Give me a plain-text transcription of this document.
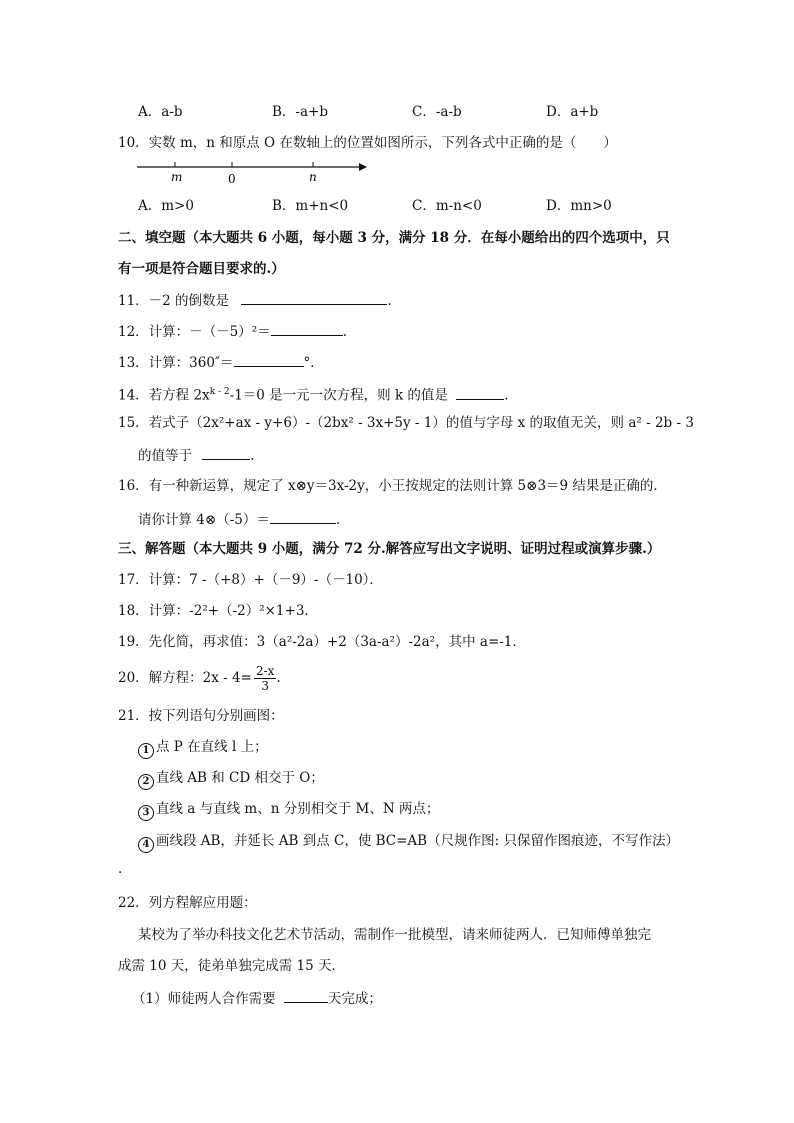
A．a-b	B．-a+b	C．-a-b	D．a+b
10．实数 m，n 和原点 O 在数轴上的位置如图所示，下列各式中正确的是（　　）
m	0	n
A．m>0	B．m+n<0	C．m-n<0	D．mn>0
二、填空题（本大题共 6 小题，每小题 3 分，满分 18 分．在每小题给出的四个选项中，只
有一项是符合题目要求的.）
11．－2 的倒数是	.
12．计算：－（－5）²＝	.
13．计算：360″＝	°．
14．若方程 $2x^{k - 2}-1=0$ 是一元一次方程，则 k 的值是	.
15．若式子（2x²+ax - y+6）-（2bx² - 3x+5y - 1）的值与字母 x 的取值无关，则 a² - 2b - 3
的值等于	.
16．有一种新运算，规定了 x⊗y＝3x-2y，小王按规定的法则计算 5⊗3＝9 结果是正确的．
请你计算 4⊗（-5）＝	.
三、解答题（本大题共 9 小题，满分 72 分.解答应写出文字说明、证明过程或演算步骤.）
17．计算：7 -（+8）+（－9）-（－10）．
18．计算：-2²+（-2）²×1+3．
19．先化简，再求值：3（a²-2a）+2（3a-a²）-2a²，其中 a=-1．
20．解方程：$2x - 4= \frac{2-x}{3}$ .
21．按下列语句分别画图：
1 点 P 在直线 l 上；
2 直线 AB 和 CD 相交于 O；
3 直线 a 与直线 m、n 分别相交于 M、N 两点；
4 画线段 AB，并延长 AB 到点 C，使 BC=AB（尺规作图: 只保留作图痕迹，不写作法）
.
22．列方程解应用题：
某校为了举办科技文化艺术节活动，需制作一批模型，请来师徒两人．已知师傅单独完
成需 10 天，徒弟单独完成需 15 天．
（1）师徒两人合作需要	天完成；
